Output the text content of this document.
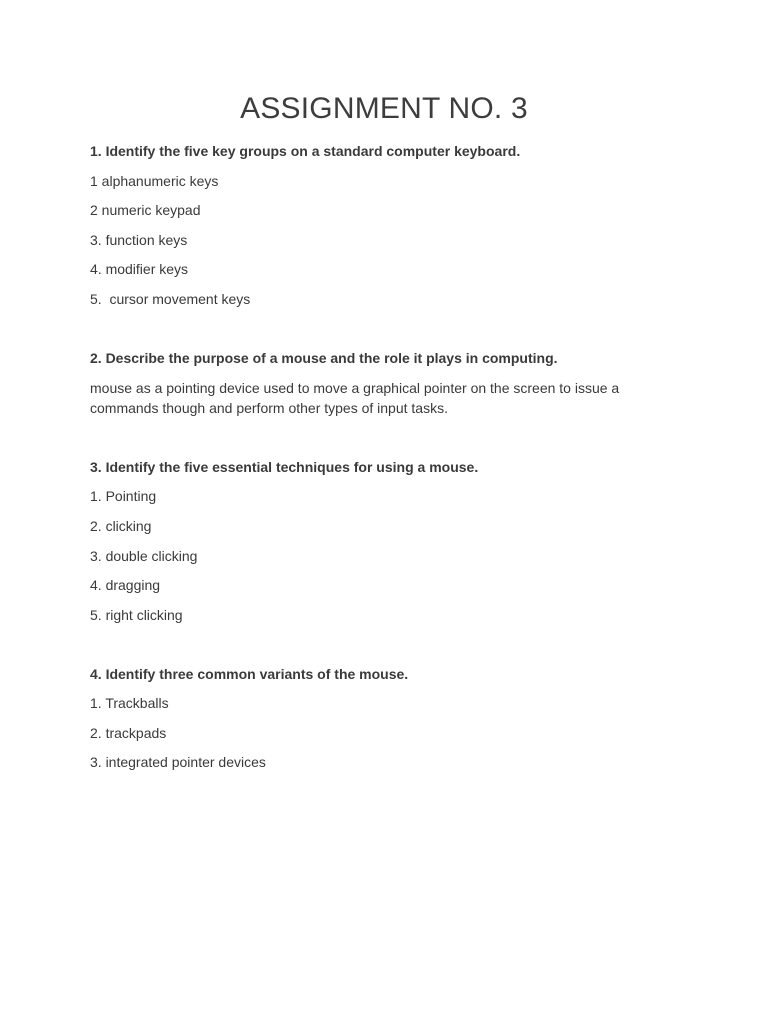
ASSIGNMENT NO. 3

1. Identify the five key groups on a standard computer keyboard.

1 alphanumeric keys
2 numeric keypad
3. function keys
4. modifier keys
5.  cursor movement keys

2. Describe the purpose of a mouse and the role it plays in computing.

mouse as a pointing device used to move a graphical pointer on the screen to issue a commands though and perform other types of input tasks.

3. Identify the five essential techniques for using a mouse.

1. Pointing
2. clicking
3. double clicking
4. dragging
5. right clicking

4. Identify three common variants of the mouse.

1. Trackballs
2. trackpads
3. integrated pointer devices
